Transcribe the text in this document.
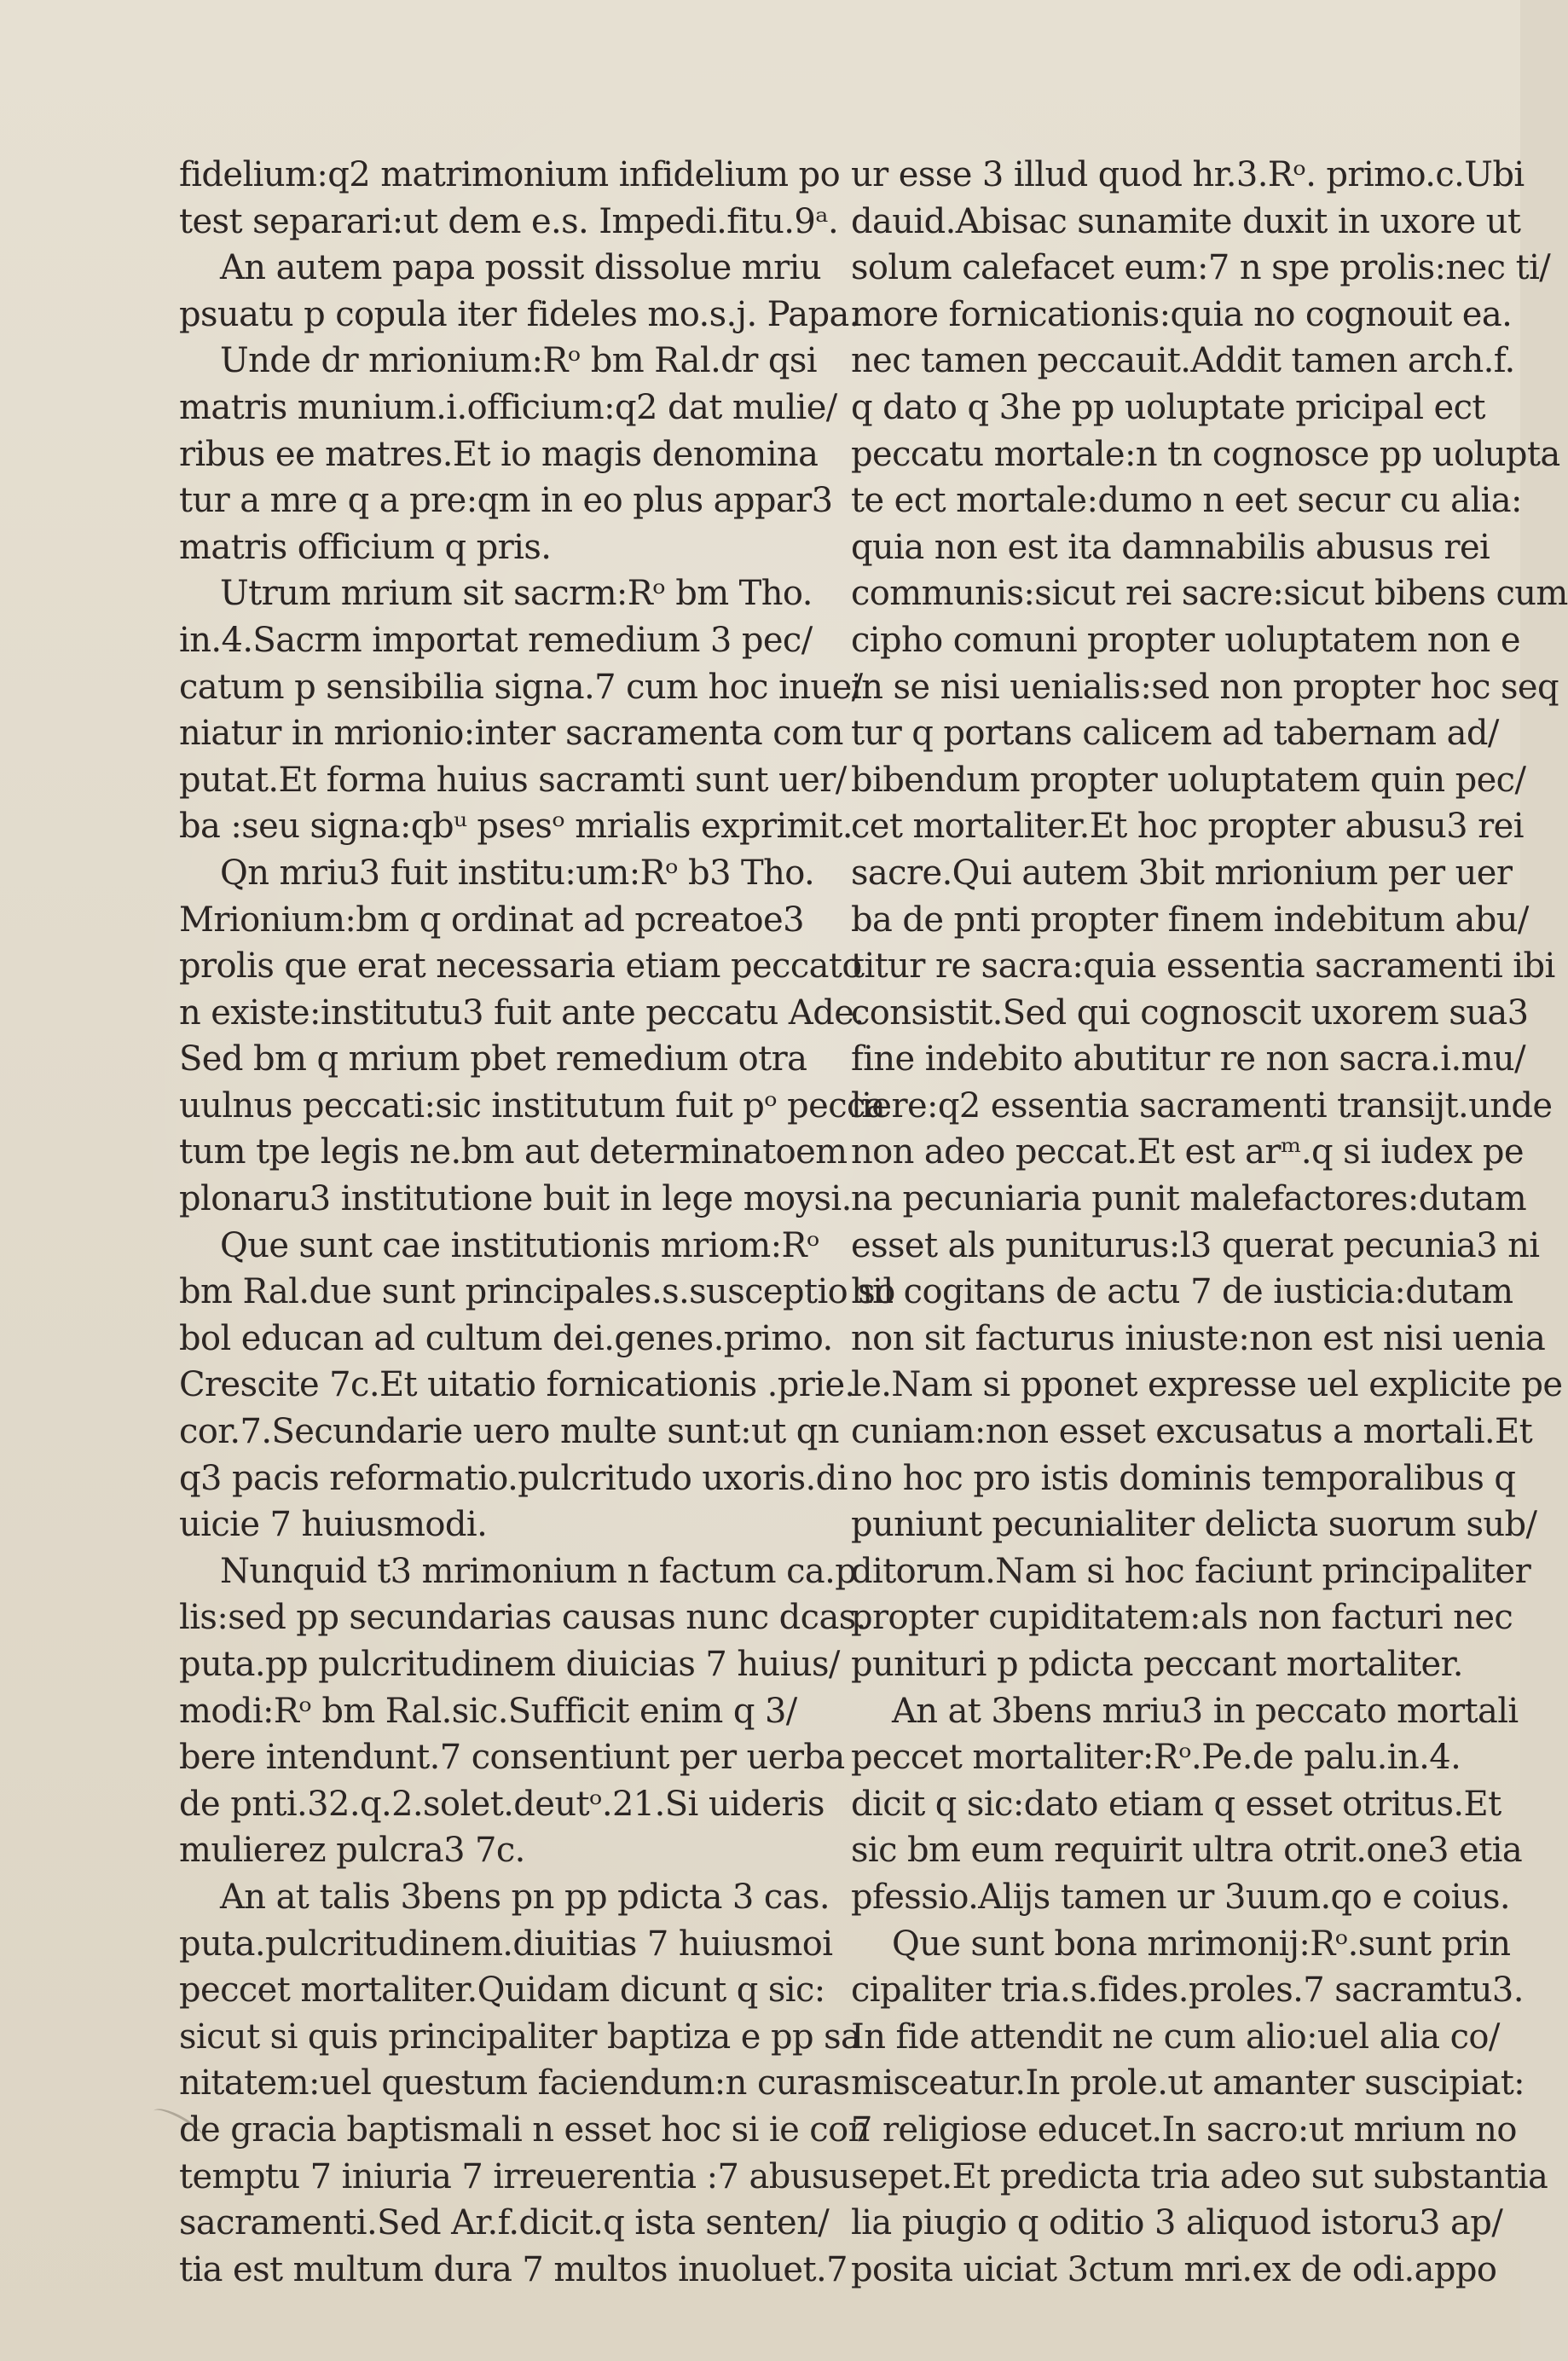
fidelium:q2 matrimonium infidelium po
test separari:ut dem e.s. Impedi.fitu.9ᵃ.
An autem papa possit dissolue mriu
psuatu p copula iter fideles mo.s.j. Papa.
Unde dr mrionium:Rᵒ bm Ral.dr qsi
matris munium.i.officium:q2 dat mulie/
ribus ee matres.Et io magis denomina
tur a mre q a pre:qm in eo plus appar3
matris officium q pris.
Utrum mrium sit sacrm:Rᵒ bm Tho.
in.4.Sacrm importat remedium 3 pec/
catum p sensibilia signa.7 cum hoc inue/
niatur in mrionio:inter sacramenta com
putat.Et forma huius sacramti sunt uer/
ba :seu signa:qbᵘ psesᵒ mrialis exprimit.
Qn mriu3 fuit institu:um:Rᵒ b3 Tho.
Mrionium:bm q ordinat ad pcreatoe3
prolis que erat necessaria etiam peccato
n existe:institutu3 fuit ante peccatu Ade.
Sed bm q mrium pbet remedium otra
uulnus peccati:sic institutum fuit pᵒ pecca
tum tpe legis ne.bm aut determinatoem
plonaru3 institutione buit in lege moysi.
Que sunt cae institutionis mriom:Rᵒ
bm Ral.due sunt principales.s.susceptio so
bol educan ad cultum dei.genes.primo.
Crescite 7c.Et uitatio fornicationis .prie.
cor.7.Secundarie uero multe sunt:ut qn
q3 pacis reformatio.pulcritudo uxoris.di
uicie 7 huiusmodi.
Nunquid t3 mrimonium n factum ca.p
lis:sed pp secundarias causas nunc dcas.
puta.pp pulcritudinem diuicias 7 huius/
modi:Rᵒ bm Ral.sic.Sufficit enim q 3/
bere intendunt.7 consentiunt per uerba
de pnti.32.q.2.solet.deutᵒ.21.Si uideris
mulierez pulcra3 7c.
An at talis 3bens pn pp pdicta 3 cas.
puta.pulcritudinem.diuitias 7 huiusmoi
peccet mortaliter.Quidam dicunt q sic:
sicut si quis principaliter baptiza e pp sa
nitatem:uel questum faciendum:n curas
de gracia baptismali n esset hoc si ie con
temptu 7 iniuria 7 irreuerentia :7 abusu
sacramenti.Sed Ar.f.dicit.q ista senten/
tia est multum dura 7 multos inuoluet.7
ur esse 3 illud quod hr.3.Rᵒ. primo.c.Ubi
dauid.Abisac sunamite duxit in uxore ut
solum calefacet eum:7 n spe prolis:nec ti/
more fornicationis:quia no cognouit ea.
nec tamen peccauit.Addit tamen arch.f.
q dato q 3he pp uoluptate pricipal ect
peccatu mortale:n tn cognosce pp uolupta
te ect mortale:dumo n eet secur cu alia:
quia non est ita damnabilis abusus rei
communis:sicut rei sacre:sicut bibens cum
cipho comuni propter uoluptatem non e
in se nisi uenialis:sed non propter hoc seq
tur q portans calicem ad tabernam ad/
bibendum propter uoluptatem quin pec/
cet mortaliter.Et hoc propter abusu3 rei
sacre.Qui autem 3bit mrionium per uer
ba de pnti propter finem indebitum abu/
titur re sacra:quia essentia sacramenti ibi
consistit.Sed qui cognoscit uxorem sua3
fine indebito abutitur re non sacra.i.mu/
liere:q2 essentia sacramenti transijt.unde
non adeo peccat.Et est arᵐ.q si iudex pe
na pecuniaria punit malefactores:dutam
esset als puniturus:l3 querat pecunia3 ni
hil cogitans de actu 7 de iusticia:dutam
non sit facturus iniuste:non est nisi uenia
le.Nam si pponet expresse uel explicite pe
cuniam:non esset excusatus a mortali.Et
no hoc pro istis dominis temporalibus q
puniunt pecunialiter delicta suorum sub/
ditorum.Nam si hoc faciunt principaliter
propter cupiditatem:als non facturi nec
punituri p pdicta peccant mortaliter.
An at 3bens mriu3 in peccato mortali
peccet mortaliter:Rᵒ.Pe.de palu.in.4.
dicit q sic:dato etiam q esset otritus.Et
sic bm eum requirit ultra otrit.one3 etia
pfessio.Alijs tamen ur 3uum.qo e coius.
Que sunt bona mrimonij:Rᵒ.sunt prin
cipaliter tria.s.fides.proles.7 sacramtu3.
In fide attendit ne cum alio:uel alia co/
misceatur.In prole.ut amanter suscipiat:
7 religiose educet.In sacro:ut mrium no
sepet.Et predicta tria adeo sut substantia
lia piugio q oditio 3 aliquod istoru3 ap/
posita uiciat 3ctum mri.ex de odi.appo
